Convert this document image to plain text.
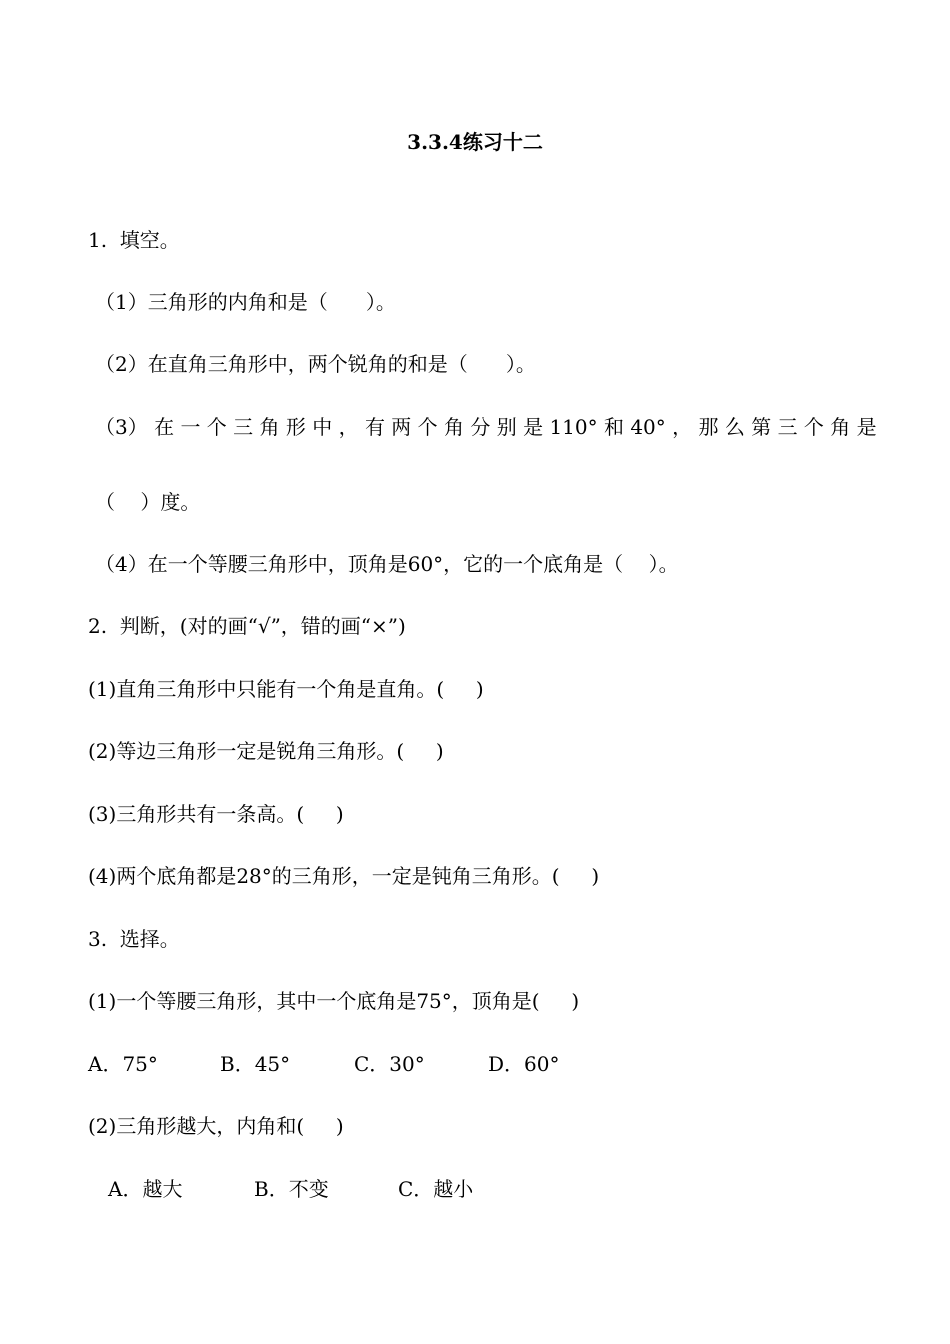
3.3.4练习十二
1.  填空。
（1）三角形的内角和是（      ）。
（2）在直角三角形中，两个锐角的和是（      ）。
（3） 在 一 个 三 角 形 中 ， 有 两 个 角 分 别 是 110° 和 40° ， 那 么 第 三 个 角 是
（    ）度。
（4）在一个等腰三角形中，顶角是60°，它的一个底角是（    ）。
2.  判断，(对的画“√”，错的画“×”)
(1)直角三角形中只能有一个角是直角。(     )
(2)等边三角形一定是锐角三角形。(     )
(3)三角形共有一条高。(     )
(4)两个底角都是28°的三角形，一定是钝角三角形。(     )
3.  选择。
(1)一个等腰三角形，其中一个底角是75°，顶角是(     )
A．75°	B．45°	C．30°	D．60°
(2)三角形越大，内角和(     )
A．越大	B．不变	C．越小
